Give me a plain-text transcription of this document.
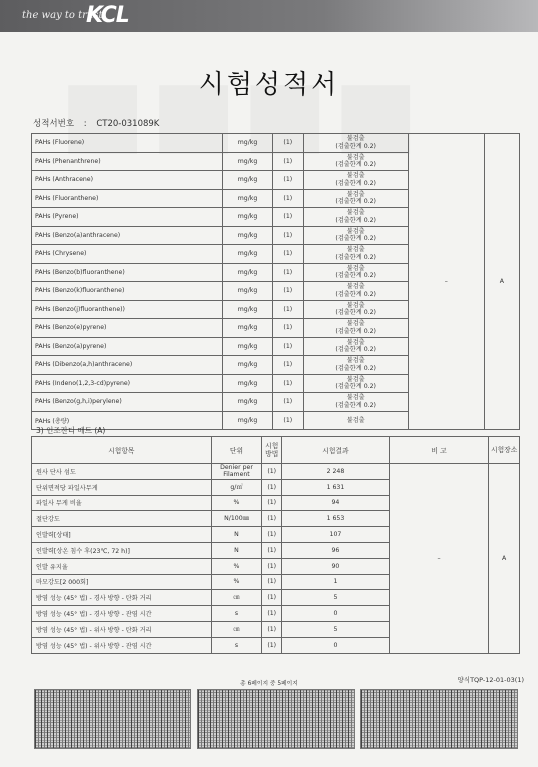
the way to trust
KCL
시험성적서
성적서번호 : CT20-031089K
PAHs (Fluorene)	mg/kg	(1)	불검출
(검출한계 0.2)	–	A
PAHs (Phenanthrene)	mg/kg	(1)	불검출
(검출한계 0.2)		

PAHs (Anthracene)	mg/kg	(1)	불검출
(검출한계 0.2)		

PAHs (Fluoranthene)	mg/kg	(1)	불검출
(검출한계 0.2)		

PAHs (Pyrene)	mg/kg	(1)	불검출
(검출한계 0.2)		

PAHs (Benzo(a)anthracene)	mg/kg	(1)	불검출
(검출한계 0.2)		

PAHs (Chrysene)	mg/kg	(1)	불검출
(검출한계 0.2)		

PAHs (Benzo(b)fluoranthene)	mg/kg	(1)	불검출
(검출한계 0.2)		

PAHs (Benzo(k)fluoranthene)	mg/kg	(1)	불검출
(검출한계 0.2)		

PAHs (Benzo(j)fluoranthene))	mg/kg	(1)	불검출
(검출한계 0.2)		

PAHs (Benzo(e)pyrene)	mg/kg	(1)	불검출
(검출한계 0.2)		

PAHs (Benzo(a)pyrene)	mg/kg	(1)	불검출
(검출한계 0.2)		

PAHs (Dibenzo(a,h)anthracene)	mg/kg	(1)	불검출
(검출한계 0.2)		

PAHs (Indeno(1,2,3-cd)pyrene)	mg/kg	(1)	불검출
(검출한계 0.2)		

PAHs (Benzo(g,h,i)perylene)	mg/kg	(1)	불검출
(검출한계 0.2)		

PAHs (총량)	mg/kg	(1)	불검출		
3) 인조잔디 매트 (A)
시험항목	단위	시험방법	시험결과	비 고	시험장소
원사 단사 섬도	Denier per Filament	(1)	2 248	–	A
단위면적당 파일사무게	g/㎡	(1)	1 631		
파일사 무게 비율	%	(1)	94		
절단강도	N/100㎜	(1)	1 653		
인발력[상태]	N	(1)	107		
인발력[상온 침수 후(23℃, 72 h)]	N	(1)	96		
인발 유지율	%	(1)	90		
마모강도[2 000회]	%	(1)	1		
방염 성능 (45° 법) - 경사 방향 - 탄화 거리	㎝	(1)	5		
방염 성능 (45° 법) - 경사 방향 - 잔염 시간	s	(1)	0		
방염 성능 (45° 법) - 위사 방향 - 탄화 거리	㎝	(1)	5		
방염 성능 (45° 법) - 위사 방향 - 잔염 시간	s	(1)	0		
총 6페이지 중 5페이지	양식TQP-12-01-03(1)
